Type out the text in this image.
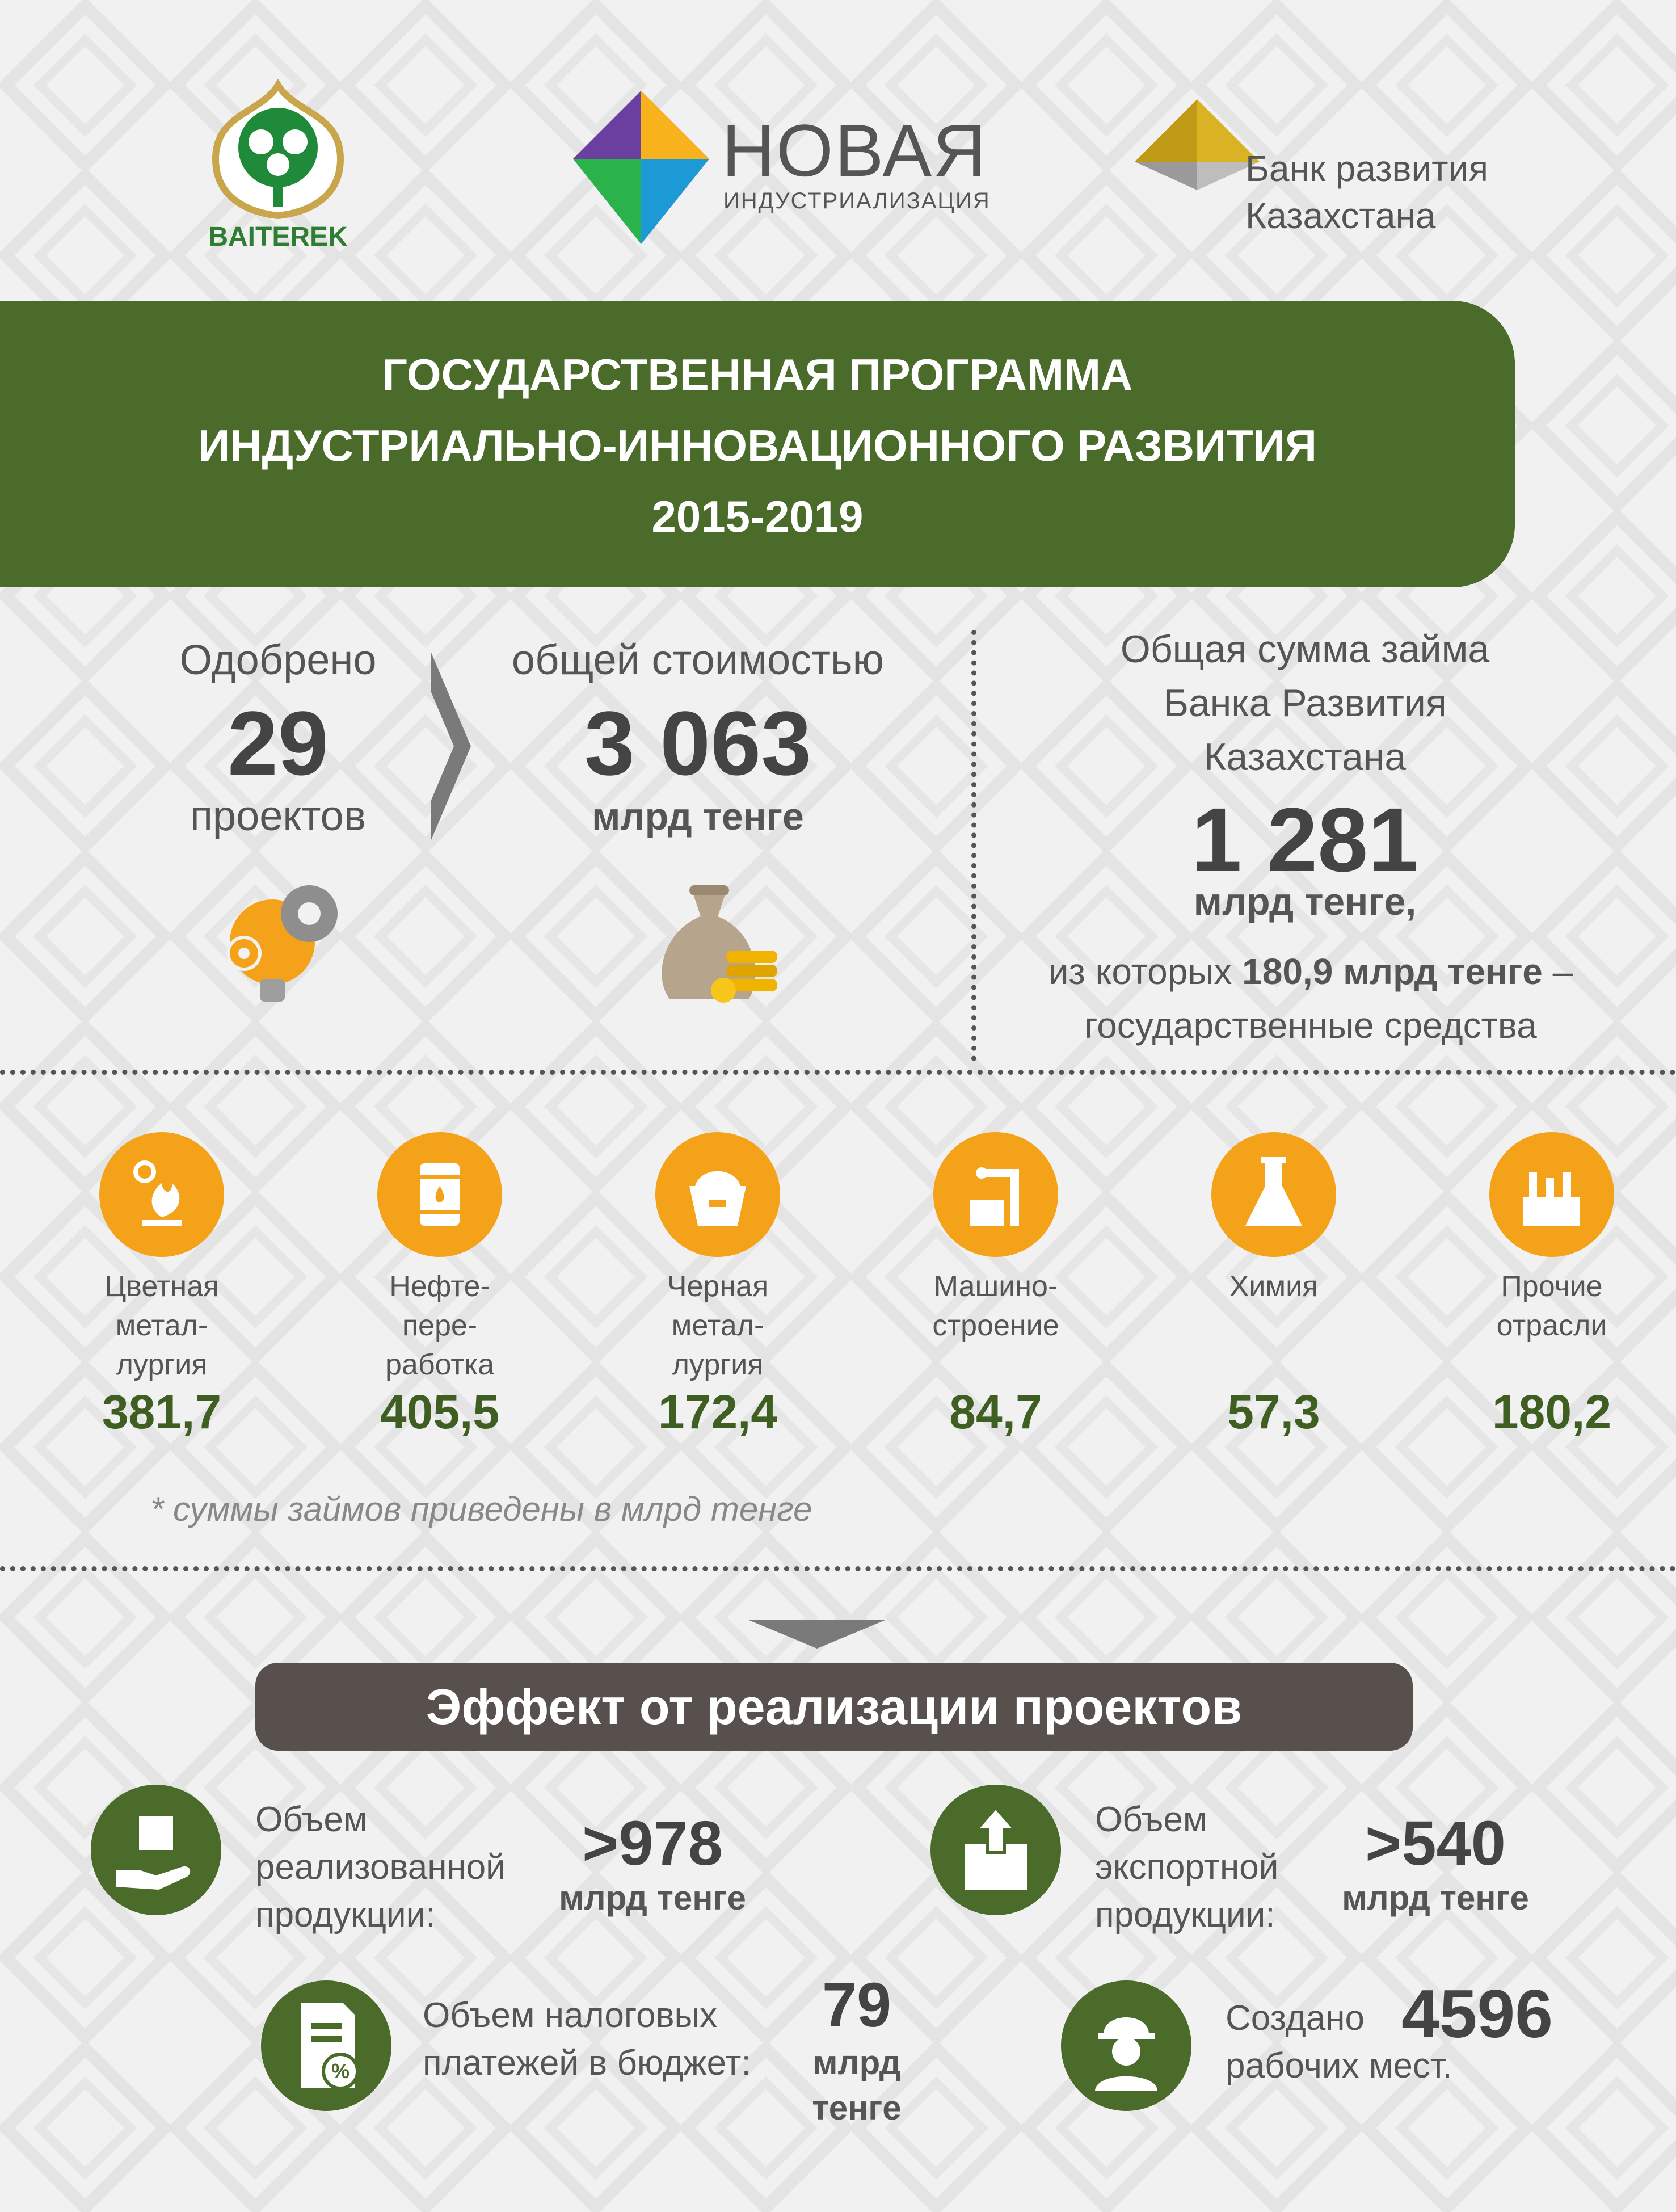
BAITEREK
НОВАЯ
ИНДУСТРИАЛИЗАЦИЯ
Банк развития
Казахстана
ГОСУДАРСТВЕННАЯ ПРОГРАММА
ИНДУСТРИАЛЬНО-ИННОВАЦИОННОГО РАЗВИТИЯ
2015-2019
Одобрено
29
проектов
общей стоимостью
3 063
млрд тенге
Общая сумма займа
Банка Развития
Казахстана
1 281
млрд тенге,
из которых 180,9 млрд тенге –
государственные средства
Цветная
метал-
лургия
381,7
Нефте-
пере-
работка
405,5
Черная
метал-
лургия
172,4
Машино-
строение
84,7
Химия
57,3
Прочие
отрасли
180,2
* суммы займов приведены в млрд тенге
Эффект от реализации проектов
Объем
реализованной
продукции:
>978
млрд тенге
Объем
экспортной
продукции:
>540
млрд тенге
%
Объем налоговых
платежей в бюджет:
79
млрд
тенге
Создано
рабочих мест.
4596
